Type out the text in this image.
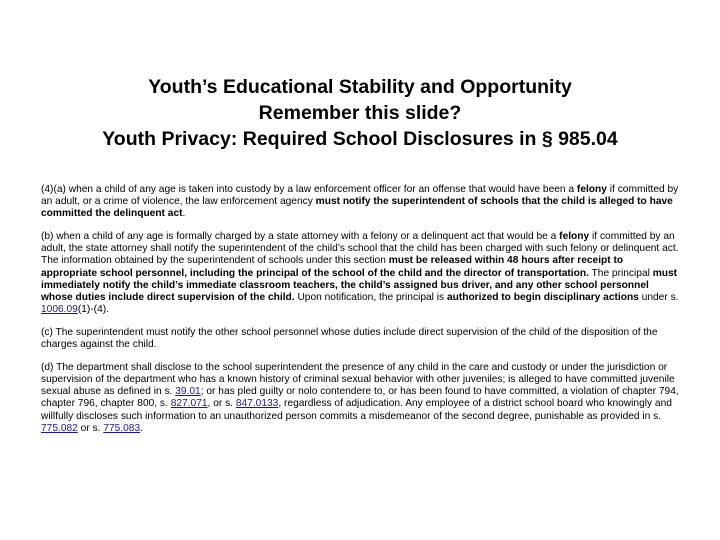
Youth’s Educational Stability and Opportunity
Remember this slide?
Youth Privacy: Required School Disclosures in § 985.04

(4)(a) when a child of any age is taken into custody by a law enforcement officer for an offense that would have been a felony if committed by an adult, or a crime of violence, the law enforcement agency must notify the superintendent of schools that the child is alleged to have committed the delinquent act.

(b) when a child of any age is formally charged by a state attorney with a felony or a delinquent act that would be a felony if committed by an adult, the state attorney shall notify the superintendent of the child’s school that the child has been charged with such felony or delinquent act. The information obtained by the superintendent of schools under this section must be released within 48 hours after receipt to appropriate school personnel, including the principal of the school of the child and the director of transportation. The principal must immediately notify the child’s immediate classroom teachers, the child’s assigned bus driver, and any other school personnel whose duties include direct supervision of the child. Upon notification, the principal is authorized to begin disciplinary actions under s. 1006.09(1)-(4).

(c) The superintendent must notify the other school personnel whose duties include direct supervision of the child of the disposition of the charges against the child.

(d) The department shall disclose to the school superintendent the presence of any child in the care and custody or under the jurisdiction or supervision of the department who has a known history of criminal sexual behavior with other juveniles; is alleged to have committed juvenile sexual abuse as defined in s. 39.01; or has pled guilty or nolo contendere to, or has been found to have committed, a violation of chapter 794, chapter 796, chapter 800, s. 827.071, or s. 847.0133, regardless of adjudication. Any employee of a district school board who knowingly and willfully discloses such information to an unauthorized person commits a misdemeanor of the second degree, punishable as provided in s. 775.082 or s. 775.083.
